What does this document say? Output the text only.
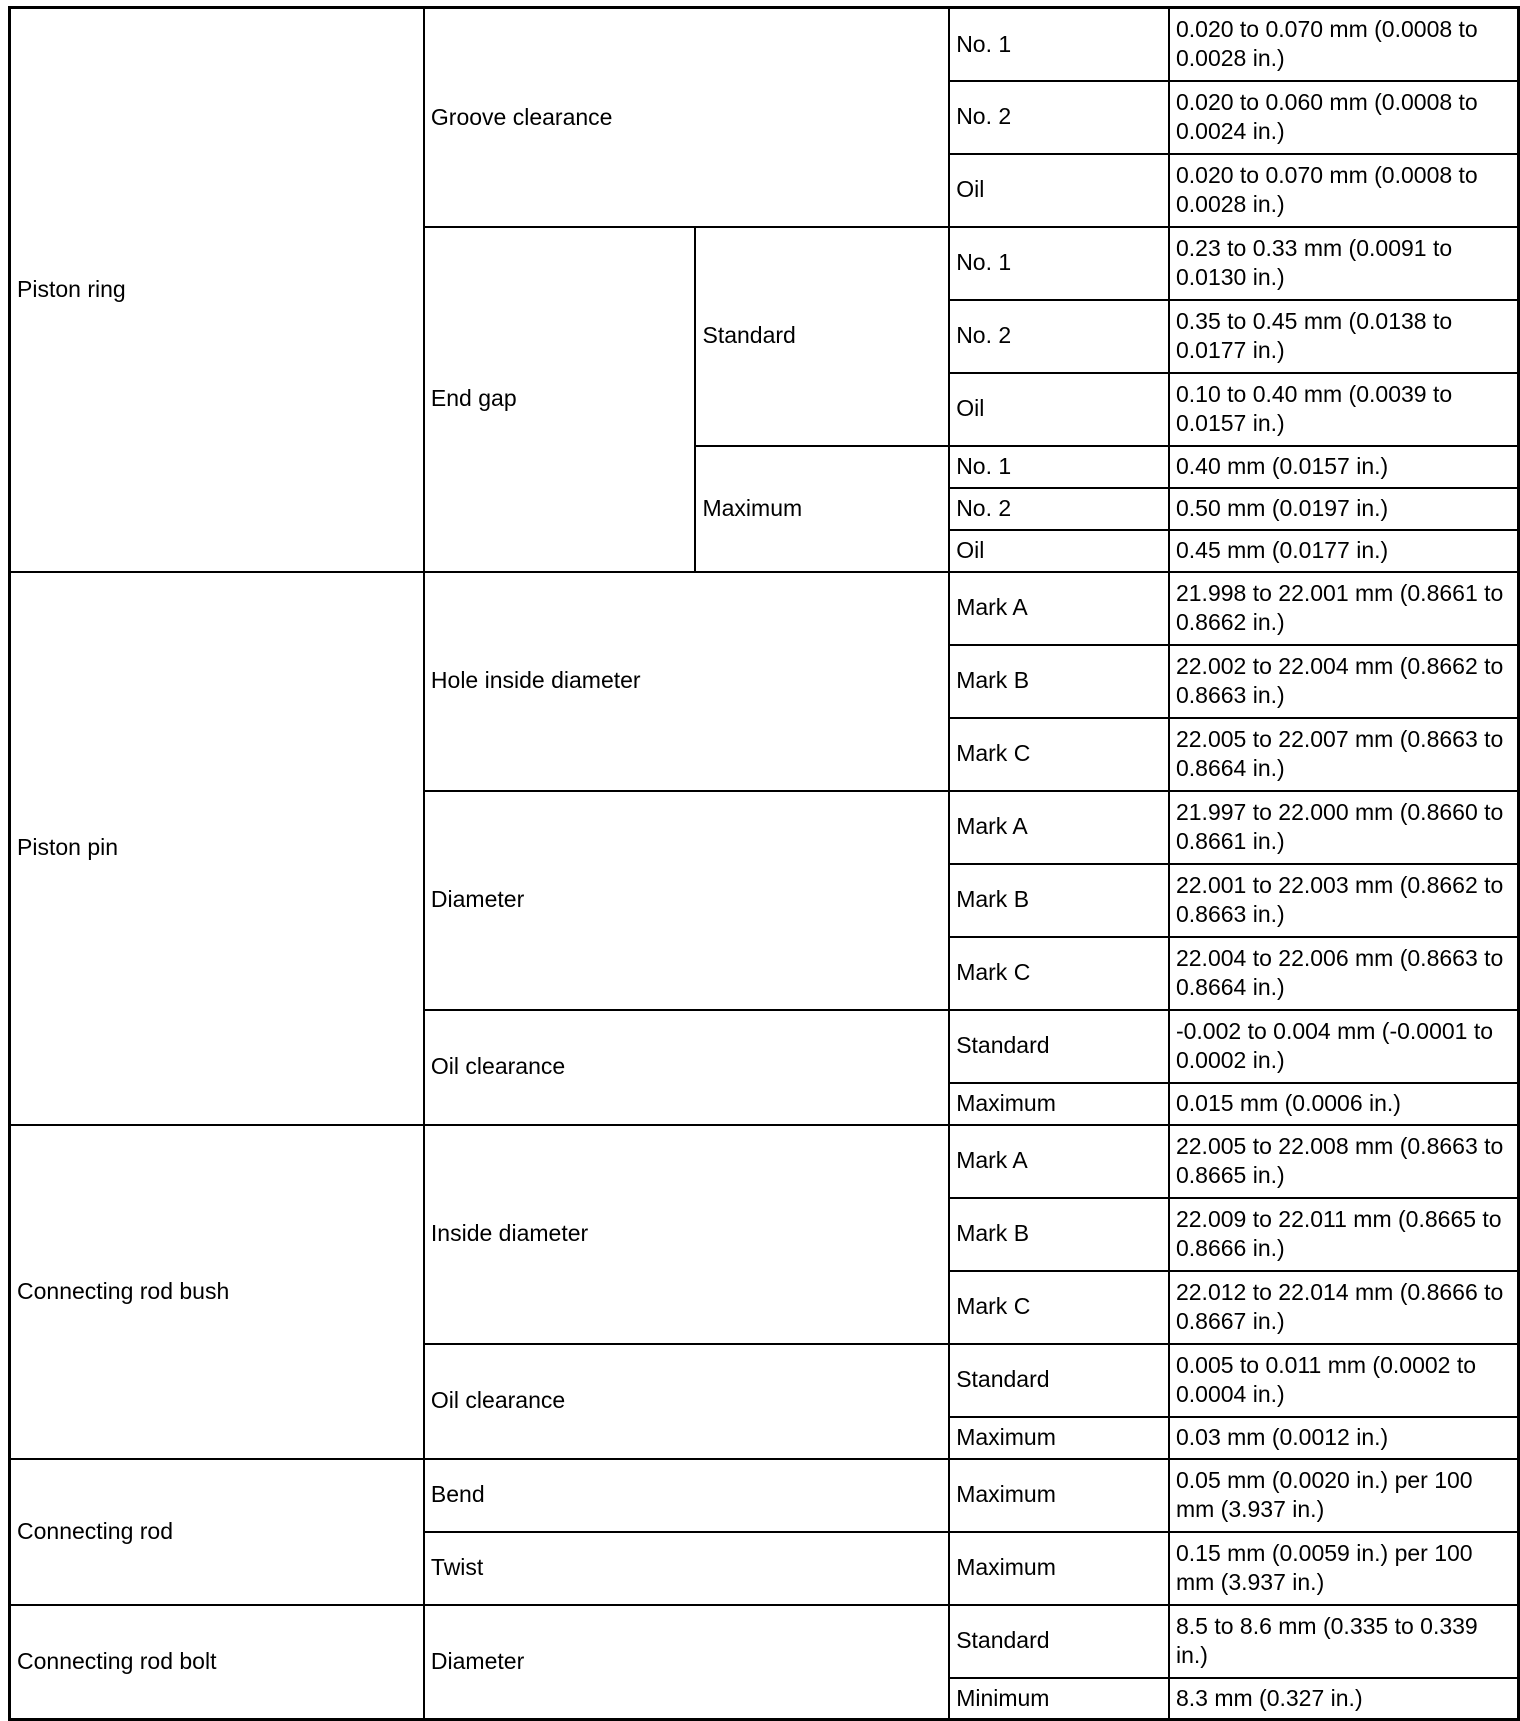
Piston ring	Groove clearance		No. 1	0.020 to 0.070 mm (0.0008 to 0.0028 in.)
			No. 2	0.020 to 0.060 mm (0.0008 to 0.0024 in.)
			Oil	0.020 to 0.070 mm (0.0008 to 0.0028 in.)
	End gap	Standard	No. 1	0.23 to 0.33 mm (0.0091 to 0.0130 in.)
			No. 2	0.35 to 0.45 mm (0.0138 to 0.0177 in.)
			Oil	0.10 to 0.40 mm (0.0039 to 0.0157 in.)
		Maximum	No. 1	0.40 mm (0.0157 in.)
			No. 2	0.50 mm (0.0197 in.)
			Oil	0.45 mm (0.0177 in.)
Piston pin	Hole inside diameter		Mark A	21.998 to 22.001 mm (0.8661 to 0.8662 in.)
			Mark B	22.002 to 22.004 mm (0.8662 to 0.8663 in.)
			Mark C	22.005 to 22.007 mm (0.8663 to 0.8664 in.)
	Diameter		Mark A	21.997 to 22.000 mm (0.8660 to 0.8661 in.)
			Mark B	22.001 to 22.003 mm (0.8662 to 0.8663 in.)
			Mark C	22.004 to 22.006 mm (0.8663 to 0.8664 in.)
	Oil clearance		Standard	-0.002 to 0.004 mm (-0.0001 to 0.0002 in.)
			Maximum	0.015 mm (0.0006 in.)
Connecting rod bush	Inside diameter		Mark A	22.005 to 22.008 mm (0.8663 to 0.8665 in.)
			Mark B	22.009 to 22.011 mm (0.8665 to 0.8666 in.)
			Mark C	22.012 to 22.014 mm (0.8666 to 0.8667 in.)
	Oil clearance		Standard	0.005 to 0.011 mm (0.0002 to 0.0004 in.)
			Maximum	0.03 mm (0.0012 in.)
Connecting rod	Bend		Maximum	0.05 mm (0.0020 in.) per 100 mm (3.937 in.)
	Twist		Maximum	0.15 mm (0.0059 in.) per 100 mm (3.937 in.)
Connecting rod bolt	Diameter		Standard	8.5 to 8.6 mm (0.335 to 0.339 in.)
			Minimum	8.3 mm (0.327 in.)
